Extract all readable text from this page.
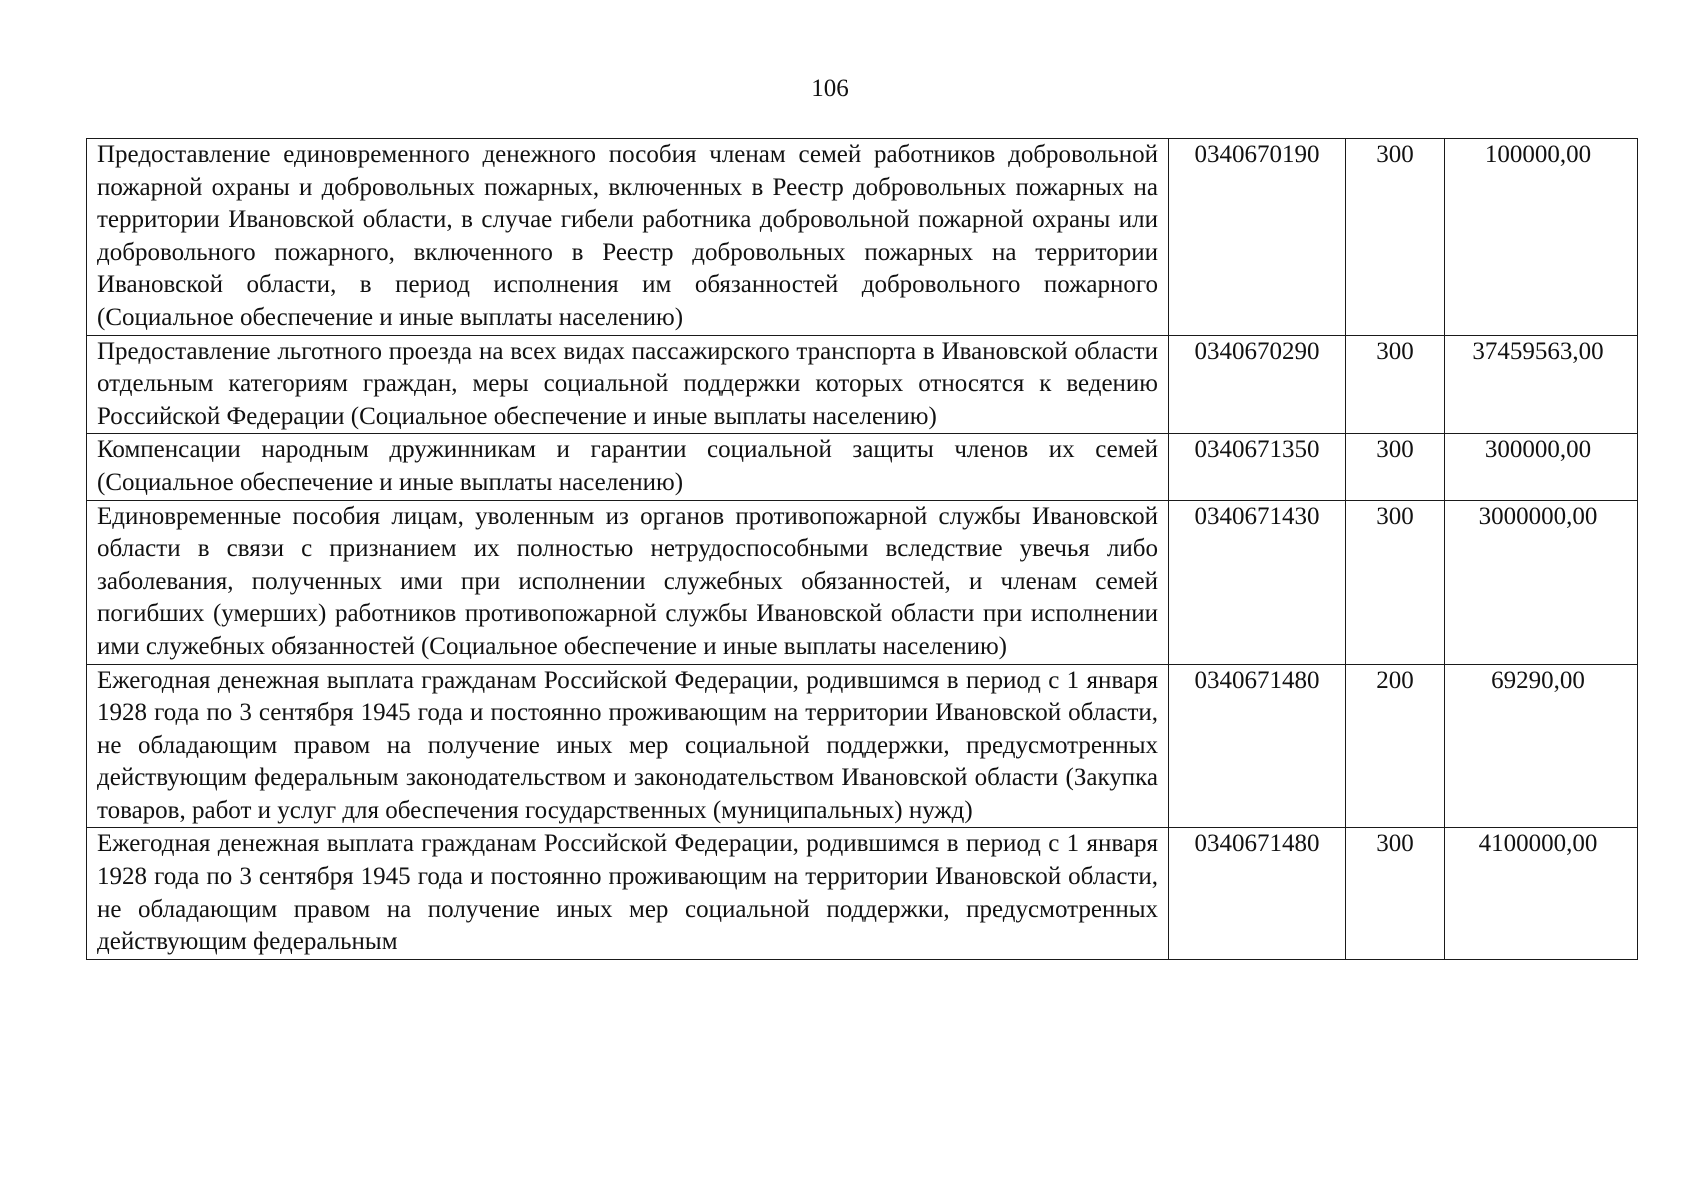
106
Предоставление единовременного денежного пособия членам семей работников добровольной пожарной охраны и добровольных пожарных, включенных в Реестр добровольных пожарных на территории Ивановской области, в случае гибели работника добровольной пожарной охраны или добровольного пожарного, включенного в Реестр добровольных пожарных на территории Ивановской области, в период исполнения им обязанностей добровольного пожарного (Социальное обеспечение и иные выплаты населению)	0340670190	300	100000,00

Предоставление льготного проезда на всех видах пассажирского транспорта в Ивановской области отдельным категориям граждан, меры социальной поддержки которых относятся к ведению Российской Федерации (Социальное обеспечение и иные выплаты населению)	0340670290	300	37459563,00

Компенсации народным дружинникам и гарантии социальной защиты членов их семей (Социальное обеспечение и иные выплаты населению)	0340671350	300	300000,00

Единовременные пособия лицам, уволенным из органов противопожарной службы Ивановской области в связи с признанием их полностью нетрудоспособными вследствие увечья либо заболевания, полученных ими при исполнении служебных обязанностей, и членам семей погибших (умерших) работников противопожарной службы Ивановской области при исполнении ими служебных обязанностей (Социальное обеспечение и иные выплаты населению)	0340671430	300	3000000,00

Ежегодная денежная выплата гражданам Российской Федерации, родившимся в период с 1 января 1928 года по 3 сентября 1945 года и постоянно проживающим на территории Ивановской области, не обладающим правом на получение иных мер социальной поддержки, предусмотренных действующим федеральным законодательством и законодательством Ивановской области (Закупка товаров, работ и услуг для обеспечения государственных (муниципальных) нужд)	0340671480	200	69290,00

Ежегодная денежная выплата гражданам Российской Федерации, родившимся в период с 1 января 1928 года по 3 сентября 1945 года и постоянно проживающим на территории Ивановской области, не обладающим правом на получение иных мер социальной поддержки, предусмотренных действующим федеральным	0340671480	300	4100000,00
